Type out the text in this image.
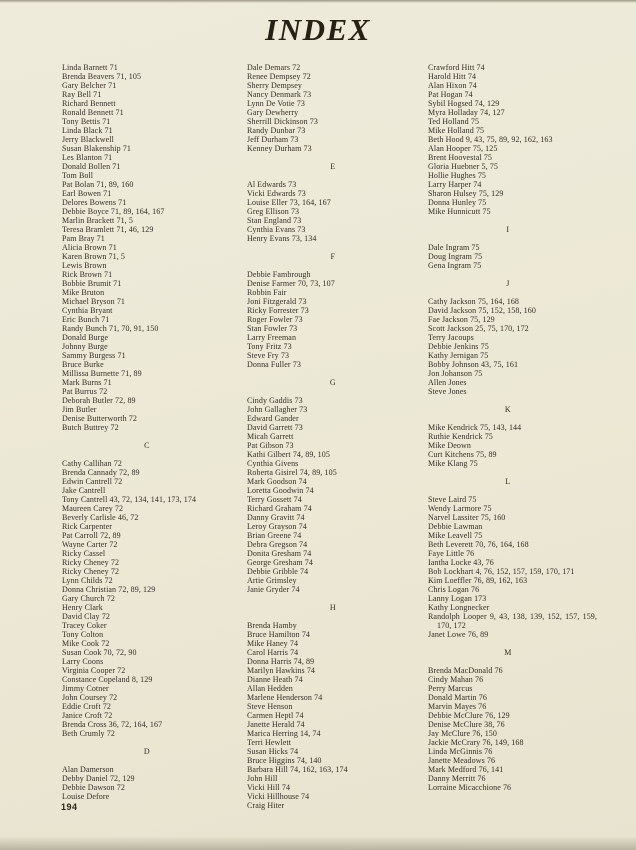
INDEX
Linda Barnett 71
Brenda Beavers 71, 105
Gary Belcher 71
Ray Bell 71
Richard Bennett
Ronald Bennett 71
Tony Bettis 71
Linda Black 71
Jerry Blackwell
Susan Blakenship 71
Les Blanton 71
Donald Bollen 71
Tom Boll
Pat Bolan 71, 89, 160
Earl Bowen 71
Delores Bowens 71
Debbie Boyce 71, 89, 164, 167
Marlin Brackett 71, 5
Teresa Bramlett 71, 46, 129
Pam Bray 71
Alicia Brown 71
Karen Brown 71, 5
Lewis Brown
Rick Brown 71
Bobbie Brumit 71
Mike Bruton
Michael Bryson 71
Cynthia Bryant
Eric Bunch 71
Randy Bunch 71, 70, 91, 150
Donald Burge
Johnny Burge
Sammy Burgess 71
Bruce Burke
Millissa Burnette 71, 89
Mark Burns 71
Pat Burrus 72
Deborah Butler 72, 89
Jim Butler
Denise Butterworth 72
Butch Buttrey 72
C
Cathy Callihan 72
Brenda Cannady 72, 89
Edwin Cantrell 72
Jake Cantrell
Tony Cantrell 43, 72, 134, 141, 173, 174
Maureen Carey 72
Beverly Carlisle 46, 72
Rick Carpenter
Pat Carroll 72, 89
Wayne Carter 72
Ricky Cassel
Ricky Cheney 72
Ricky Cheney 72
Lynn Childs 72
Donna Christian 72, 89, 129
Gary Church 72
Henry Clark
David Clay 72
Tracey Coker
Tony Colton
Mike Cook 72
Susan Cook 70, 72, 90
Larry Coons
Virginia Cooper 72
Constance Copeland 8, 129
Jimmy Cotner
John Coursey 72
Eddie Croft 72
Janice Croft 72
Brenda Cross 36, 72, 164, 167
Beth Crumly 72
D
Alan Damerson
Debby Daniel 72, 129
Debbie Dawson 72
Louise Defore
Dale Demars 72
Renee Dempsey 72
Sherry Dempsey
Nancy Denmark 73
Lynn De Votie 73
Gary Dewherry
Sherrill Dickinson 73
Randy Dunbar 73
Jeff Durham 73
Kenney Durham 73
E
Al Edwards 73
Vicki Edwards 73
Louise Eller 73, 164, 167
Greg Ellison 73
Stan England 73
Cynthia Evans 73
Henry Evans 73, 134
F
Debbie Fambrough
Denise Farmer 70, 73, 107
Robbin Fair
Joni Fitzgerald 73
Ricky Forrester 73
Roger Fowler 73
Stan Fowler 73
Larry Freeman
Tony Fritz 73
Steve Fry 73
Donna Fuller 73
G
Cindy Gaddis 73
John Gallagher 73
Edward Gander
David Garrett 73
Micah Garrett
Pat Gibson 73
Kathi Gilbert 74, 89, 105
Cynthia Givens
Roberta Gisirel 74, 89, 105
Mark Goodson 74
Loretta Goodwin 74
Terry Gossett 74
Richard Graham 74
Danny Gravitt 74
Leroy Grayson 74
Brian Greene 74
Debra Gregson 74
Donita Gresham 74
George Gresham 74
Debbie Gribble 74
Artie Grimsley
Janie Gryder 74
H
Brenda Hamby
Bruce Hamilton 74
Mike Haney 74
Carol Harris 74
Donna Harris 74, 89
Marilyn Hawkins 74
Dianne Heath 74
Allan Hedden
Marlene Henderson 74
Steve Henson
Carmen Heptl 74
Janette Herald 74
Marica Herring 14, 74
Terri Hewlett
Susan Hicks 74
Bruce Higgins 74, 140
Barbara Hill 74, 162, 163, 174
John Hill
Vicki Hill 74
Vicki Hillhouse 74
Craig Hiter
Crawford Hitt 74
Harold Hitt 74
Alan Hixon 74
Pat Hogan 74
Sybil Hogsed 74, 129
Myra Holladay 74, 127
Ted Holland 75
Mike Holland 75
Beth Hood 9, 43, 75, 89, 92, 162, 163
Alan Hooper 75, 125
Brent Hoovestal 75
Gloria Huebner 5, 75
Hollie Hughes 75
Larry Harper 74
Sharon Hulsey 75, 129
Donna Hunley 75
Mike Hunnicutt 75
I
Dale Ingram 75
Doug Ingram 75
Gena Ingram 75
J
Cathy Jackson 75, 164, 168
David Jackson 75, 152, 158, 160
Fae Jackson 75, 129
Scott Jackson 25, 75, 170, 172
Terry Jacoups
Debbie Jenkins 75
Kathy Jernigan 75
Bobby Johnson 43, 75, 161
Jon Johanson 75
Allen Jones
Steve Jones
K
Mike Kendrick 75, 143, 144
Ruthie Kendrick 75
Mike Deown
Curt Kitchens 75, 89
Mike Klang 75
L
Steve Laird 75
Wendy Larmore 75
Narvel Lassiter 75, 160
Debbie Lawman
Mike Leavell 75
Beth Leverett 70, 76, 164, 168
Faye Little 76
Iantha Locke 43, 76
Bob Lockhart 4, 76, 152, 157, 159, 170, 171
Kim Loeffler 76, 89, 162, 163
Chris Logan 76
Lanny Logan 173
Kathy Longnecker
Randolph Looper 9, 43, 138, 139, 152, 157, 159, 170, 172
Janet Lowe 76, 89
M
Brenda MacDonald 76
Cindy Mahan 76
Perry Marcus
Donald Martin 76
Marvin Mayes 76
Debbie McClure 76, 129
Denise McClure 38, 76
Jay McClure 76, 150
Jackie McCrary 76, 149, 168
Linda McGinnis 76
Janette Meadows 76
Mark Medford 76, 141
Danny Merritt 76
Lorraine Micacchione 76
194
